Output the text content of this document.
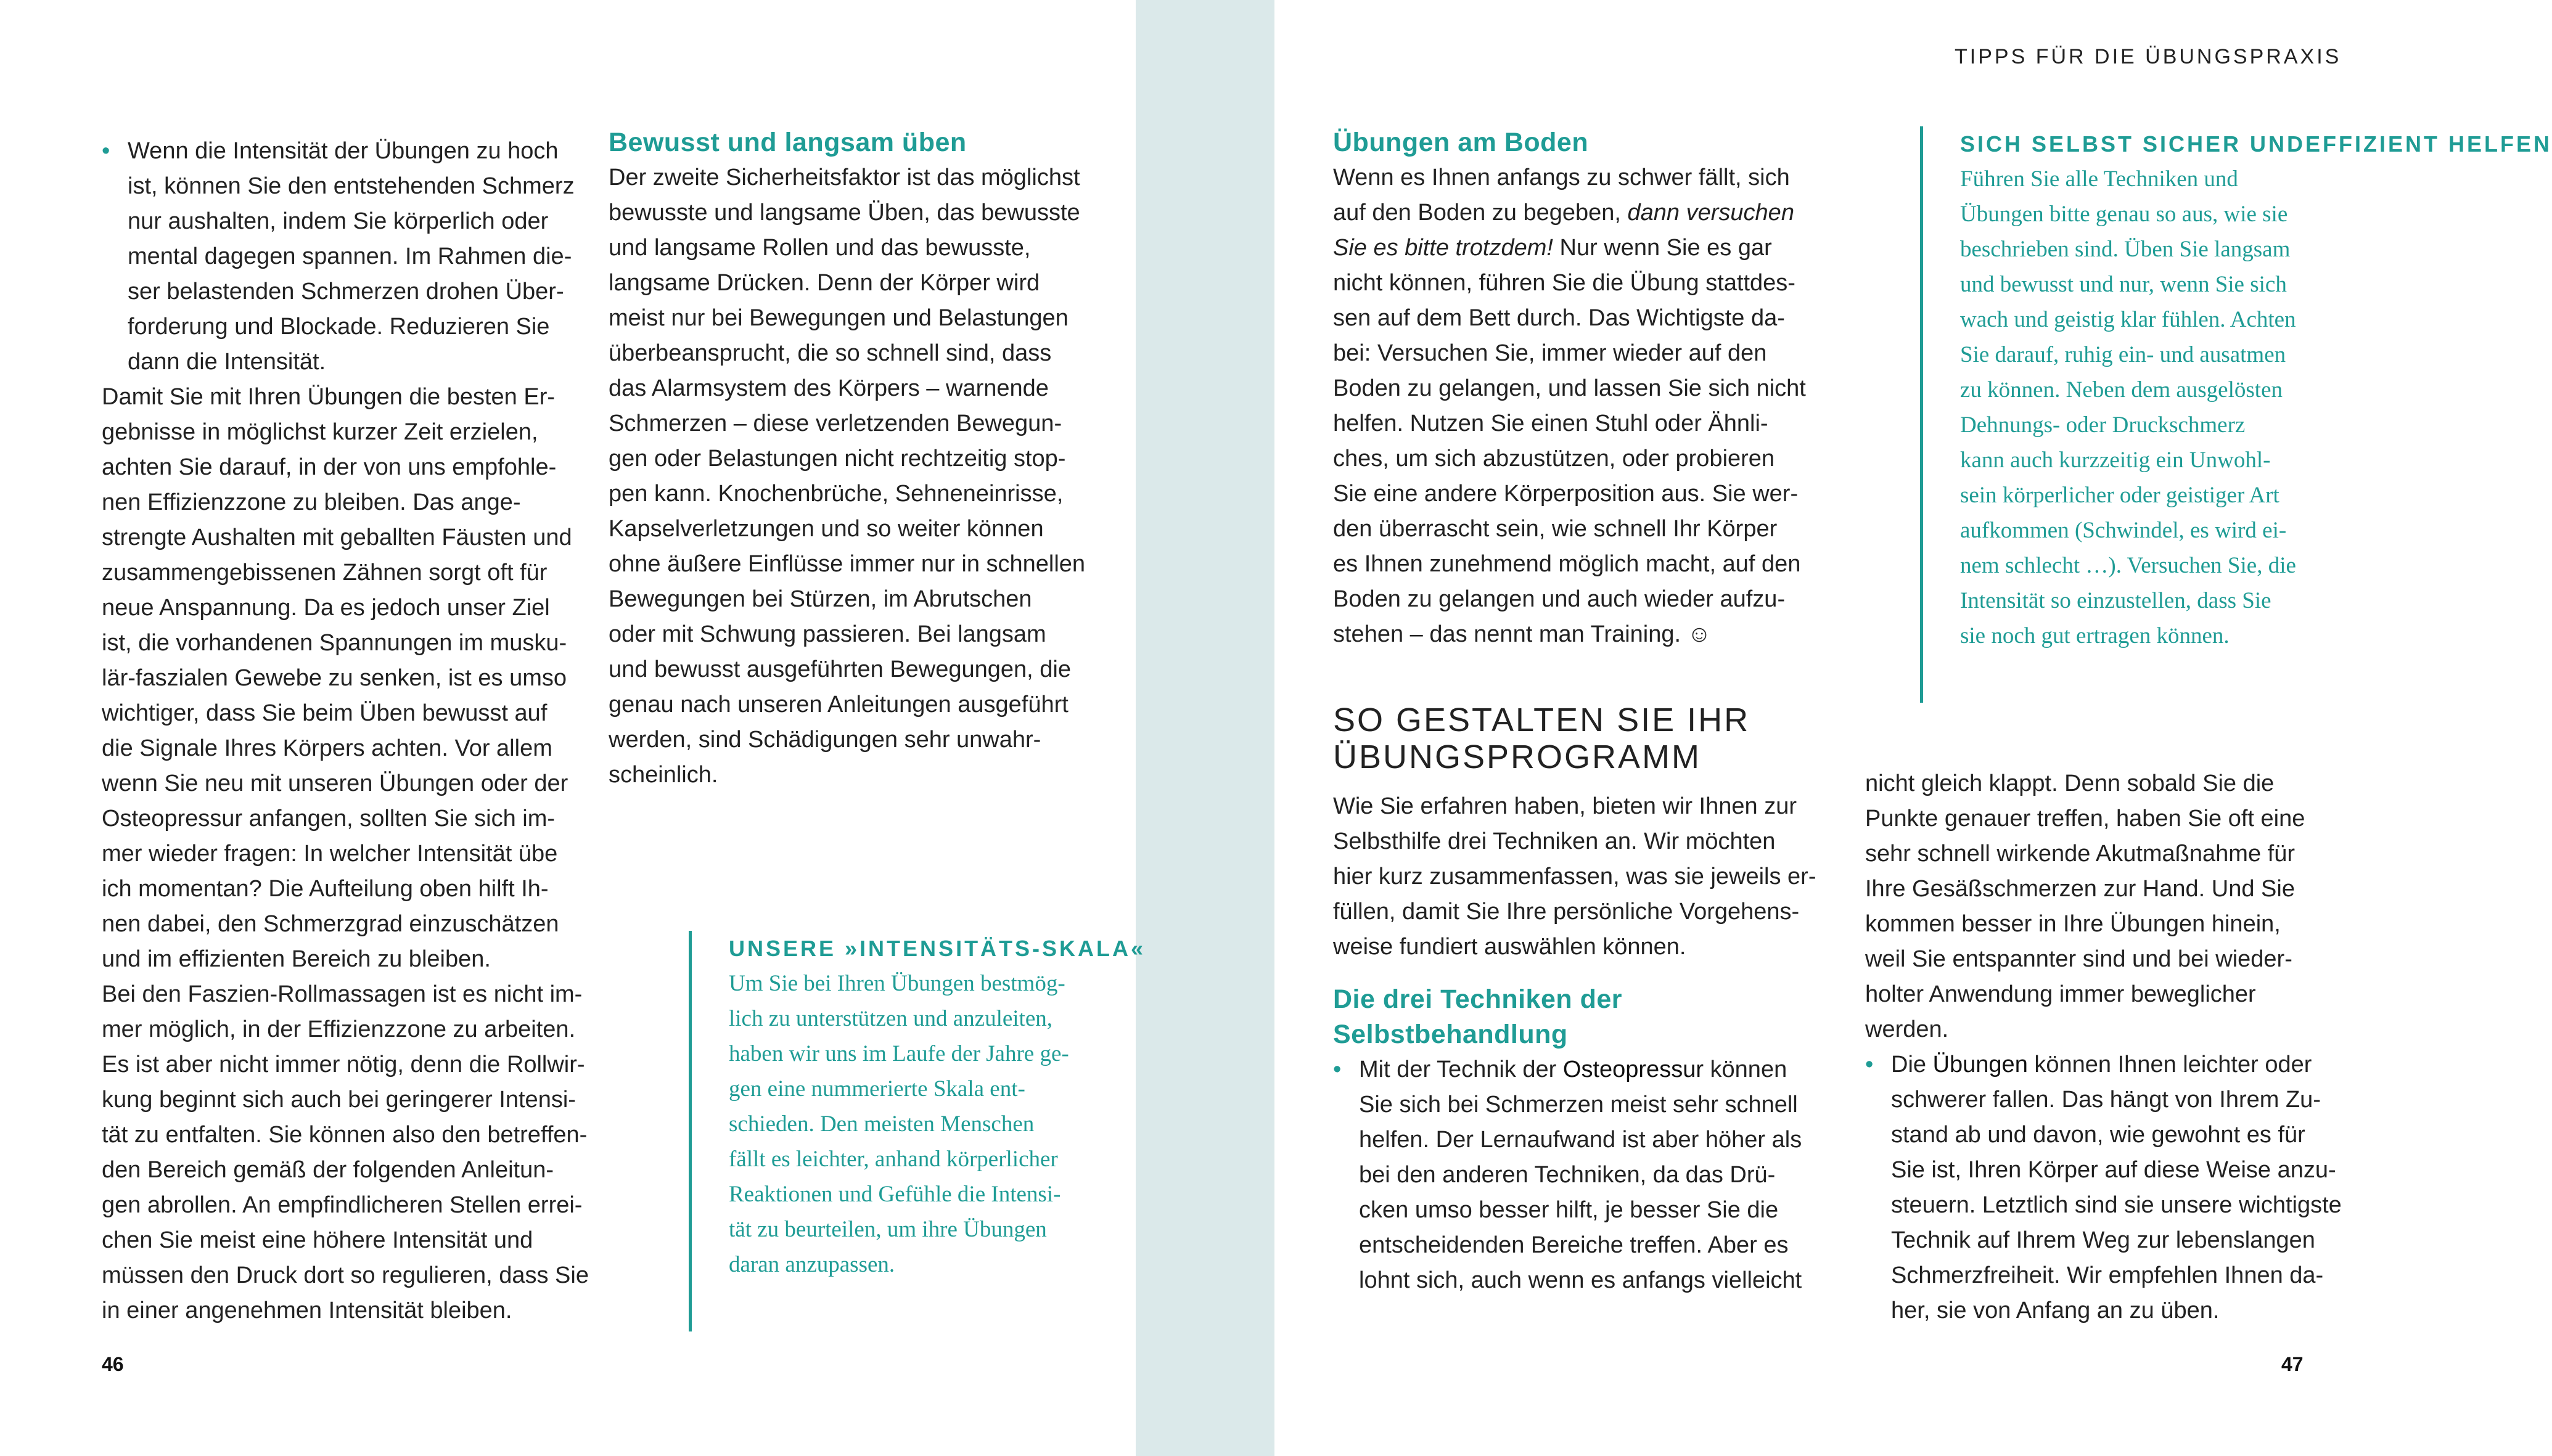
TIPPS FÜR DIE ÜBUNGSPRAXIS
• Wenn die Intensität der Übungen zu hoch
ist, können Sie den entstehenden Schmerz
nur aushalten, indem Sie körperlich oder
mental dagegen spannen. Im Rahmen die-
ser belastenden Schmerzen drohen Über-
forderung und Blockade. Reduzieren Sie
dann die Intensität.

Damit Sie mit Ihren Übungen die besten Er-
gebnisse in möglichst kurzer Zeit erzielen,
achten Sie darauf, in der von uns empfohle-
nen Effizienzzone zu bleiben. Das ange-
strengte Aushalten mit geballten Fäusten und
zusammengebissenen Zähnen sorgt oft für
neue Anspannung. Da es jedoch unser Ziel
ist, die vorhandenen Spannungen im musku-
lär-faszialen Gewebe zu senken, ist es umso
wichtiger, dass Sie beim Üben bewusst auf
die Signale Ihres Körpers achten. Vor allem
wenn Sie neu mit unseren Übungen oder der
Osteopressur anfangen, sollten Sie sich im-
mer wieder fragen: In welcher Intensität übe
ich momentan? Die Aufteilung oben hilft Ih-
nen dabei, den Schmerzgrad einzuschätzen
und im effizienten Bereich zu bleiben.

Bei den Faszien-Rollmassagen ist es nicht im-
mer möglich, in der Effizienzzone zu arbeiten.
Es ist aber nicht immer nötig, denn die Rollwir-
kung beginnt sich auch bei geringerer Intensi-
tät zu entfalten. Sie können also den betreffen-
den Bereich gemäß der folgenden Anleitun-
gen abrollen. An empfindlicheren Stellen errei-
chen Sie meist eine höhere Intensität und
müssen den Druck dort so regulieren, dass Sie
in einer angenehmen Intensität bleiben.

Bewusst und langsam üben

Der zweite Sicherheitsfaktor ist das möglichst
bewusste und langsame Üben, das bewusste
und langsame Rollen und das bewusste,
langsame Drücken. Denn der Körper wird
meist nur bei Bewegungen und Belastungen
überbeansprucht, die so schnell sind, dass
das Alarmsystem des Körpers – warnende
Schmerzen – diese verletzenden Bewegun-
gen oder Belastungen nicht rechtzeitig stop-
pen kann. Knochenbrüche, Sehneneinrisse,
Kapselverletzungen und so weiter können
ohne äußere Einflüsse immer nur in schnellen
Bewegungen bei Stürzen, im Abrutschen
oder mit Schwung passieren. Bei langsam
und bewusst ausgeführten Bewegungen, die
genau nach unseren Anleitungen ausgeführt
werden, sind Schädigungen sehr unwahr-
scheinlich.

UNSERE »INTENSITÄTS-SKALA«
Um Sie bei Ihren Übungen bestmög-
lich zu unterstützen und anzuleiten,
haben wir uns im Laufe der Jahre ge-
gen eine nummerierte Skala ent-
schieden. Den meisten Menschen
fällt es leichter, anhand körperlicher
Reaktionen und Gefühle die Intensi-
tät zu beurteilen, um ihre Übungen
daran anzupassen.
46
Übungen am Boden

Wenn es Ihnen anfangs zu schwer fällt, sich
auf den Boden zu begeben, dann versuchen
Sie es bitte trotzdem! Nur wenn Sie es gar
nicht können, führen Sie die Übung stattdes-
sen auf dem Bett durch. Das Wichtigste da-
bei: Versuchen Sie, immer wieder auf den
Boden zu gelangen, und lassen Sie sich nicht
helfen. Nutzen Sie einen Stuhl oder Ähnli-
ches, um sich abzustützen, oder probieren
Sie eine andere Körperposition aus. Sie wer-
den überrascht sein, wie schnell Ihr Körper
es Ihnen zunehmend möglich macht, auf den
Boden zu gelangen und auch wieder aufzu-
stehen – das nennt man Training. ☺

SO GESTALTEN SIE IHR
ÜBUNGSPROGRAMM

Wie Sie erfahren haben, bieten wir Ihnen zur
Selbsthilfe drei Techniken an. Wir möchten
hier kurz zusammenfassen, was sie jeweils er-
füllen, damit Sie Ihre persönliche Vorgehens-
weise fundiert auswählen können.

Die drei Techniken der
Selbstbehandlung
• Mit der Technik der Osteopressur können
Sie sich bei Schmerzen meist sehr schnell
helfen. Der Lernaufwand ist aber höher als
bei den anderen Techniken, da das Drü-
cken umso besser hilft, je besser Sie die
entscheidenden Bereiche treffen. Aber es
lohnt sich, auch wenn es anfangs vielleicht
SICH SELBST SICHER UNDEFFIZIENT HELFEN
Führen Sie alle Techniken und
Übungen bitte genau so aus, wie sie
beschrieben sind. Üben Sie langsam
und bewusst und nur, wenn Sie sich
wach und geistig klar fühlen. Achten
Sie darauf, ruhig ein- und ausatmen
zu können. Neben dem ausgelösten
Dehnungs- oder Druckschmerz
kann auch kurzzeitig ein Unwohl-
sein körperlicher oder geistiger Art
aufkommen (Schwindel, es wird ei-
nem schlecht …). Versuchen Sie, die
Intensität so einzustellen, dass Sie
sie noch gut ertragen können.

nicht gleich klappt. Denn sobald Sie die
Punkte genauer treffen, haben Sie oft eine
sehr schnell wirkende Akutmaßnahme für
Ihre Gesäßschmerzen zur Hand. Und Sie
kommen besser in Ihre Übungen hinein,
weil Sie entspannter sind und bei wieder-
holter Anwendung immer beweglicher
werden.

• Die Übungen können Ihnen leichter oder
schwerer fallen. Das hängt von Ihrem Zu-
stand ab und davon, wie gewohnt es für
Sie ist, Ihren Körper auf diese Weise anzu-
steuern. Letztlich sind sie unsere wichtigste
Technik auf Ihrem Weg zur lebenslangen
Schmerzfreiheit. Wir empfehlen Ihnen da-
her, sie von Anfang an zu üben.
47
